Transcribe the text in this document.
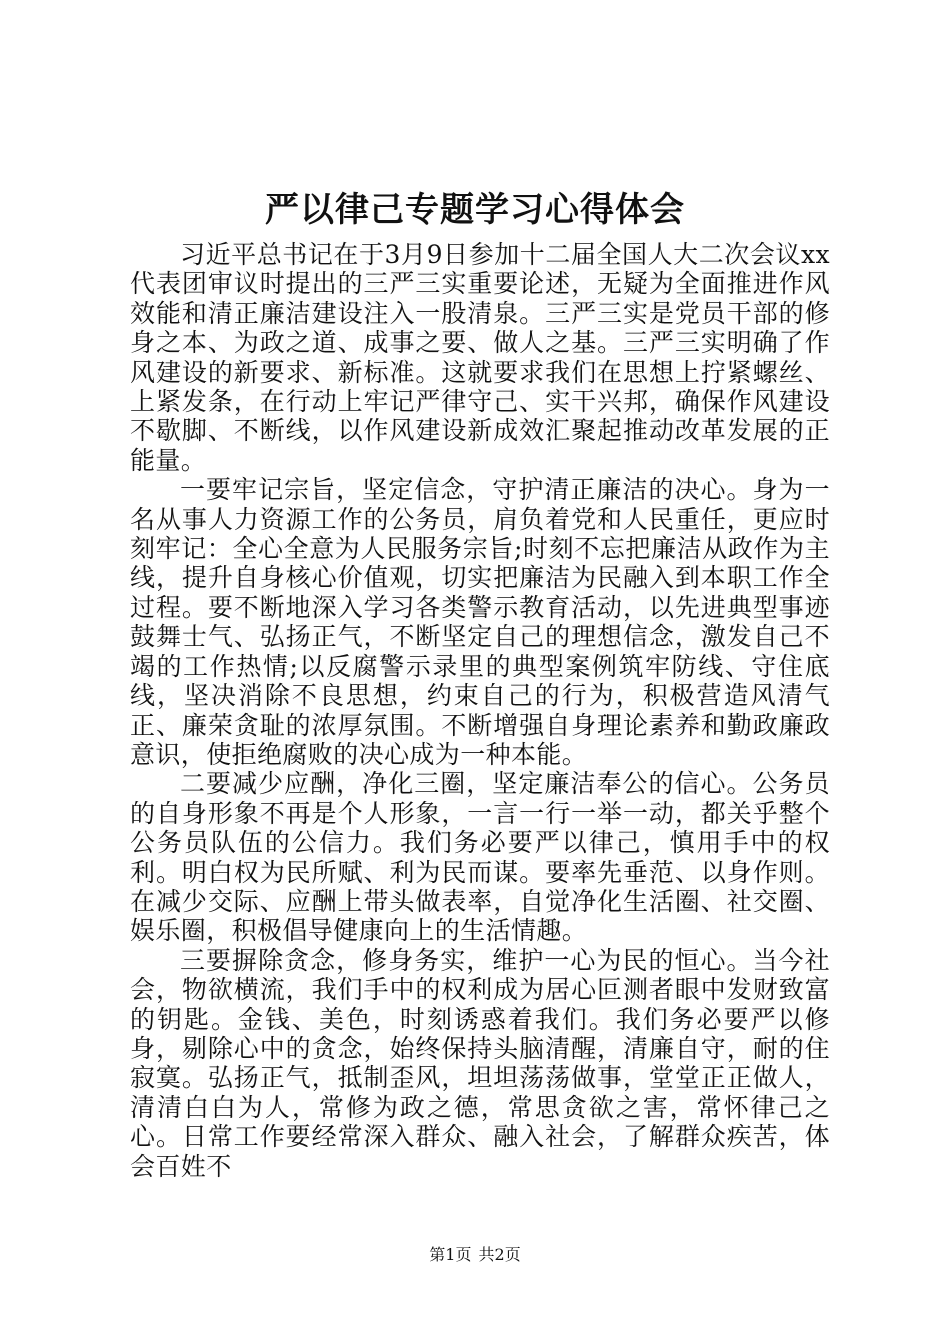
严以律己专题学习心得体会

习近平总书记在于3月9日参加十二届全国人大二次会议xx代表团审议时提出的三严三实重要论述，无疑为全面推进作风效能和清正廉洁建设注入一股清泉。三严三实是党员干部的修身之本、为政之道、成事之要、做人之基。三严三实明确了作风建设的新要求、新标准。这就要求我们在思想上拧紧螺丝、上紧发条，在行动上牢记严律守己、实干兴邦，确保作风建设不歇脚、不断线，以作风建设新成效汇聚起推动改革发展的正能量。

一要牢记宗旨，坚定信念，守护清正廉洁的决心。身为一名从事人力资源工作的公务员，肩负着党和人民重任，更应时刻牢记：全心全意为人民服务宗旨;时刻不忘把廉洁从政作为主线，提升自身核心价值观，切实把廉洁为民融入到本职工作全过程。要不断地深入学习各类警示教育活动，以先进典型事迹鼓舞士气、弘扬正气，不断坚定自己的理想信念，激发自己不竭的工作热情;以反腐警示录里的典型案例筑牢防线、守住底线，坚决消除不良思想，约束自己的行为，积极营造风清气正、廉荣贪耻的浓厚氛围。不断增强自身理论素养和勤政廉政意识，使拒绝腐败的决心成为一种本能。

二要减少应酬，净化三圈，坚定廉洁奉公的信心。公务员的自身形象不再是个人形象，一言一行一举一动，都关乎整个公务员队伍的公信力。我们务必要严以律己，慎用手中的权利。明白权为民所赋、利为民而谋。要率先垂范、以身作则。在减少交际、应酬上带头做表率，自觉净化生活圈、社交圈、娱乐圈，积极倡导健康向上的生活情趣。

三要摒除贪念，修身务实，维护一心为民的恒心。当今社会，物欲横流，我们手中的权利成为居心叵测者眼中发财致富的钥匙。金钱、美色，时刻诱惑着我们。我们务必要严以修身，剔除心中的贪念，始终保持头脑清醒，清廉自守，耐的住寂寞。弘扬正气，抵制歪风，坦坦荡荡做事，堂堂正正做人，清清白白为人，常修为政之德，常思贪欲之害，常怀律己之心。日常工作要经常深入群众、融入社会，了解群众疾苦，体会百姓不

第1页 共2页
